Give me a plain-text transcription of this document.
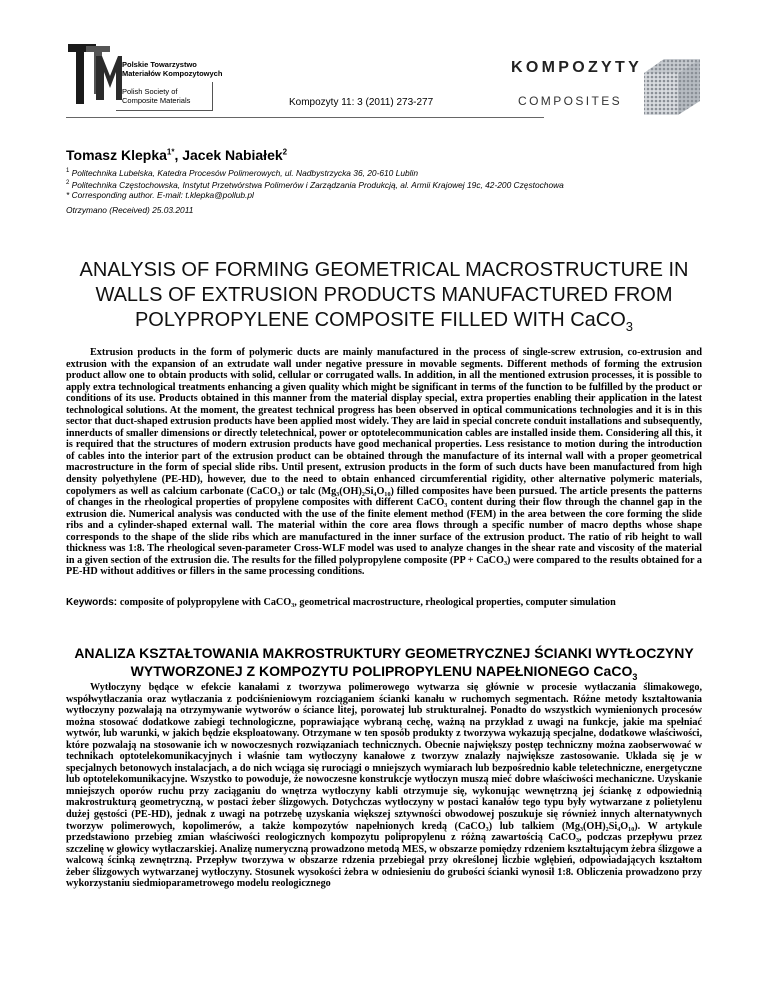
Polskie Towarzystwo
Materiałów Kompozytowych
Polish Society of
Composite Materials	Kompozyty 11: 3 (2011) 273-277
KOMPOZYTY
COMPOSITES
Tomasz Klepka$^{1*}$, Jacek Nabiałek$^2$
$^1$ Politechnika Lubelska, Katedra Procesów Polimerowych, ul. Nadbystrzycka 36, 20-610 Lublin
$^2$ Politechnika Częstochowska, Instytut Przetwórstwa Polimerów i Zarządzania Produkcją, al. Armii Krajowej 19c, 42-200 Częstochowa
* Corresponding author. E-mail: t.klepka@pollub.pl
Otrzymano (Received) 25.03.2011
ANALYSIS OF FORMING GEOMETRICAL MACROSTRUCTURE IN WALLS OF EXTRUSION PRODUCTS MANUFACTURED FROM POLYPROPYLENE COMPOSITE FILLED WITH CaCO$_3$
Extrusion products in the form of polymeric ducts are mainly manufactured in the process of single-screw extrusion, co-extrusion and extrusion with the expansion of an extrudate wall under negative pressure in movable segments. Different methods of forming the extrusion product allow one to obtain products with solid, cellular or corrugated walls. In addition, in all the mentioned extrusion processes, it is possible to apply extra technological treatments enhancing a given quality which might be significant in terms of the function to be fulfilled by the product or conditions of its use. Products obtained in this manner from the material display special, extra properties enabling their application in the latest technological solutions. At the moment, the greatest technical progress has been observed in optical communications technologies and it is in this sector that duct-shaped extrusion products have been applied most widely. They are laid in special concrete conduit installations and subsequently, innerducts of smaller dimensions or directly teletechnical, power or optotelecommunication cables are installed inside them. Considering all this, it is required that the structures of modern extrusion products have good mechanical properties. Less resistance to motion during the introduction of cables into the interior part of the extrusion product can be obtained through the manufacture of its internal wall with a proper geometrical macrostructure in the form of special slide ribs. Until present, extrusion products in the form of such ducts have been manufactured from high density polyethylene (PE-HD), however, due to the need to obtain enhanced circumferential rigidity, other alternative polymeric materials, copolymers as well as calcium carbonate (CaCO₃) or talc (Mg₃(OH)₂Si₄O₁₀) filled composites have been pursued. The article presents the patterns of changes in the rheological properties of propylene composites with different CaCO₃ content during their flow through the channel gap in the extrusion die. Numerical analysis was conducted with the use of the finite element method (FEM) in the area between the core forming the slide ribs and a cylinder-shaped external wall. The material within the core area flows through a specific number of macro depths whose shape corresponds to the shape of the slide ribs which are manufactured in the inner surface of the extrusion product. The ratio of rib height to wall thickness was 1:8. The rheological seven-parameter Cross-WLF model was used to analyze changes in the shear rate and viscosity of the material in a given section of the extrusion die. The results for the filled polypropylene composite (PP + CaCO₃) were compared to the results obtained for a PE-HD without additives or fillers in the same processing conditions.
Keywords: composite of polypropylene with CaCO₃, geometrical macrostructure, rheological properties, computer simulation
ANALIZA KSZTAŁTOWANIA MAKROSTRUKTURY GEOMETRYCZNEJ ŚCIANKI WYTŁOCZYNY WYTWORZONEJ Z KOMPOZYTU POLIPROPYLENU NAPEŁNIONEGO CaCO$_3$
Wytłoczyny będące w efekcie kanałami z tworzywa polimerowego wytwarza się głównie w procesie wytłaczania ślimakowego, współwytłaczania oraz wytłaczania z podciśnieniowym rozciąganiem ścianki kanału w ruchomych segmentach. Różne metody kształtowania wytłoczyny pozwalają na otrzymywanie wytworów o ściance litej, porowatej lub strukturalnej. Ponadto do wszystkich wymienionych procesów można stosować dodatkowe zabiegi technologiczne, poprawiające wybraną cechę, ważną na przykład z uwagi na funkcje, jakie ma spełniać wytwór, lub warunki, w jakich będzie eksploatowany. Otrzymane w ten sposób produkty z tworzywa wykazują specjalne, dodatkowe właściwości, które pozwalają na stosowanie ich w nowoczesnych rozwiązaniach technicznych. Obecnie największy postęp techniczny można zaobserwować w technikach optotelekomunikacyjnych i właśnie tam wytłoczyny kanałowe z tworzyw znalazły największe zastosowanie. Układa się je w specjalnych betonowych instalacjach, a do nich wciąga się rurociągi o mniejszych wymiarach lub bezpośrednio kable teletechniczne, energetyczne lub optotelekomunikacyjne. Wszystko to powoduje, że nowoczesne konstrukcje wytłoczyn muszą mieć dobre właściwości mechaniczne. Uzyskanie mniejszych oporów ruchu przy zaciąganiu do wnętrza wytłoczyny kabli otrzymuje się, wykonując wewnętrzną jej ściankę z odpowiednią makrostrukturą geometryczną, w postaci żeber ślizgowych. Dotychczas wytłoczyny w postaci kanałów tego typu były wytwarzane z polietylenu dużej gęstości (PE-HD), jednak z uwagi na potrzebę uzyskania większej sztywności obwodowej poszukuje się również innych alternatywnych tworzyw polimerowych, kopolimerów, a także kompozytów napełnionych kredą (CaCO₃) lub talkiem (Mg₃(OH)₂Si₄O₁₀). W artykule przedstawiono przebieg zmian właściwości reologicznych kompozytu polipropylenu z różną zawartością CaCO₃, podczas przepływu przez szczelinę w głowicy wytłaczarskiej. Analizę numeryczną prowadzono metodą MES, w obszarze pomiędzy rdzeniem kształtującym żebra ślizgowe a walcową ścinką zewnętrzną. Przepływ tworzywa w obszarze rdzenia przebiegał przy określonej liczbie wgłębień, odpowiadających kształtom żeber ślizgowych wytwarzanej wytłoczyny. Stosunek wysokości żebra w odniesieniu do grubości ścianki wynosił 1:8. Obliczenia prowadzono przy wykorzystaniu siedmioparametrowego modelu reologicznego
